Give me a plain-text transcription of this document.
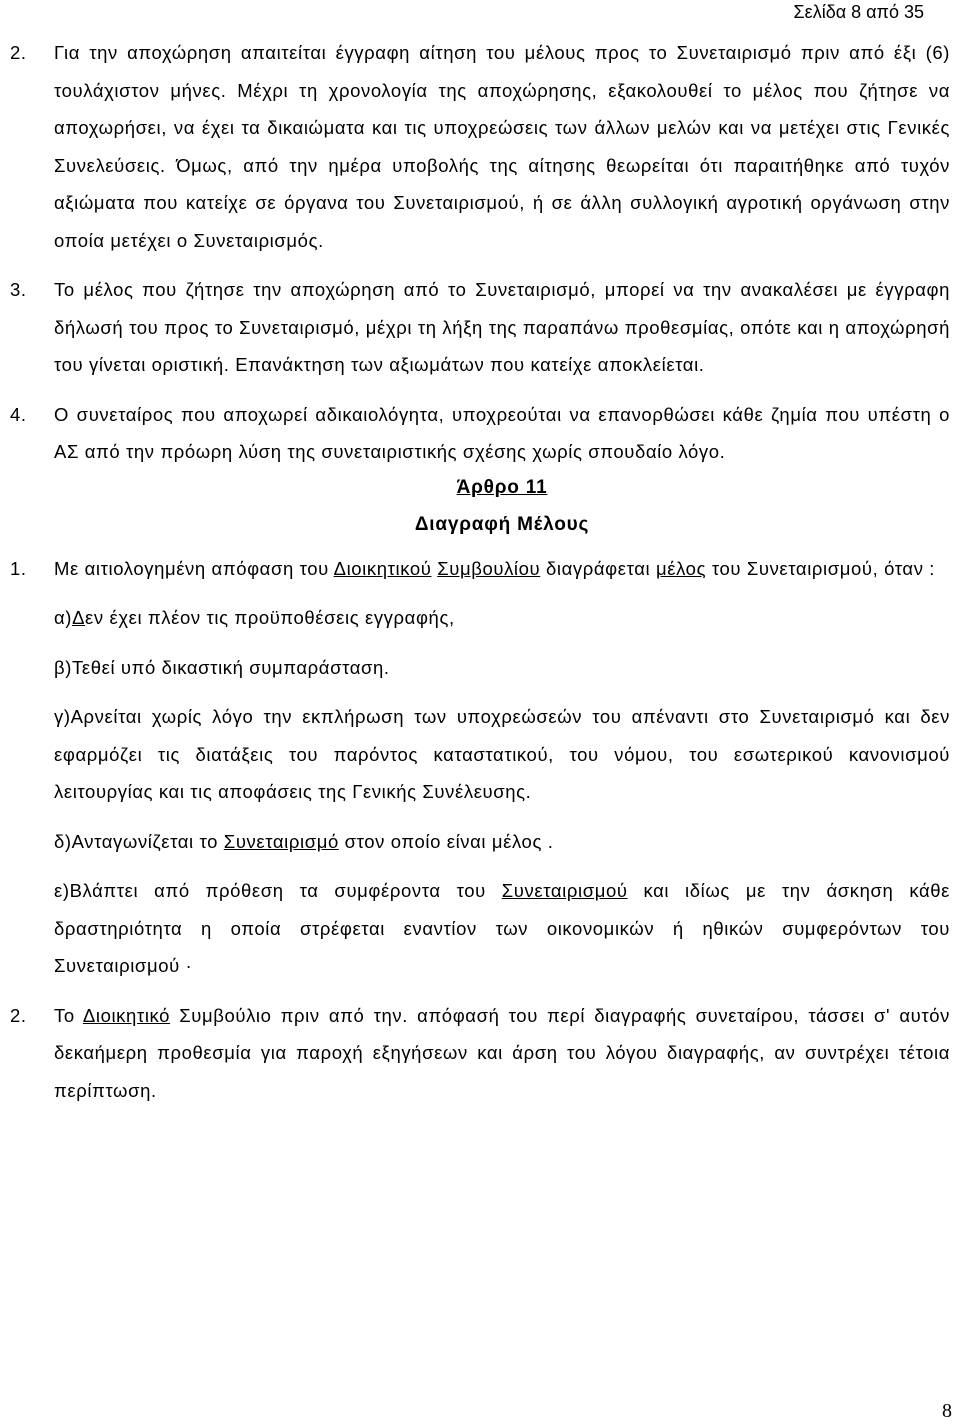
Σελίδα 8 από 35
2. Για την αποχώρηση απαιτείται έγγραφη αίτηση του μέλους προς το Συνεταιρισμό πριν από έξι (6) τουλάχιστον μήνες. Μέχρι τη χρονολογία της αποχώρησης, εξακολουθεί το μέλος που ζήτησε να αποχωρήσει, να έχει τα δικαιώματα και τις υποχρεώσεις των άλλων μελών και να μετέχει στις Γενικές Συνελεύσεις. Όμως, από την ημέρα υποβολής της αίτησης θεωρείται ότι παραιτήθηκε από τυχόν αξιώματα που κατείχε σε όργανα του Συνεταιρισμού, ή σε άλλη συλλογική αγροτική οργάνωση στην οποία μετέχει ο Συνεταιρισμός.
3. Το μέλος που ζήτησε την αποχώρηση από το Συνεταιρισμό, μπορεί να την ανακαλέσει με έγγραφη δήλωσή του προς το Συνεταιρισμό, μέχρι τη λήξη της παραπάνω προθεσμίας, οπότε και η αποχώρησή του γίνεται οριστική. Επανάκτηση των αξιωμάτων που κατείχε αποκλείεται.
4. Ο συνεταίρος που αποχωρεί αδικαιολόγητα, υποχρεούται να επανορθώσει κάθε ζημία που υπέστη ο ΑΣ από την πρόωρη λύση της συνεταιριστικής σχέσης χωρίς σπουδαίο λόγο.
Άρθρο 11
Διαγραφή Μέλους
1. Με αιτιολογημένη απόφαση του Διοικητικού Συμβουλίου διαγράφεται μέλος του Συνεταιρισμού, όταν :
α)Δεν έχει πλέον τις προϋποθέσεις εγγραφής,
β)Τεθεί υπό δικαστική συμπαράσταση.
γ)Αρνείται χωρίς λόγο την εκπλήρωση των υποχρεώσεών του απέναντι στο Συνεταιρισμό και δεν εφαρμόζει τις διατάξεις του παρόντος καταστατικού, του νόμου, του εσωτερικού κανονισμού λειτουργίας και τις αποφάσεις της Γενικής Συνέλευσης.
δ)Ανταγωνίζεται το Συνεταιρισμό στον οποίο είναι μέλος .
ε)Βλάπτει από πρόθεση τα συμφέροντα του Συνεταιρισμού και ιδίως με την άσκηση κάθε δραστηριότητα η οποία στρέφεται εναντίον των οικονομικών ή ηθικών συμφερόντων του Συνεταιρισμού ·
2. Το Διοικητικό Συμβούλιο πριν από την. απόφασή του περί διαγραφής συνεταίρου, τάσσει σ' αυτόν δεκαήμερη προθεσμία για παροχή εξηγήσεων και άρση του λόγου διαγραφής, αν συντρέχει τέτοια περίπτωση.
8
